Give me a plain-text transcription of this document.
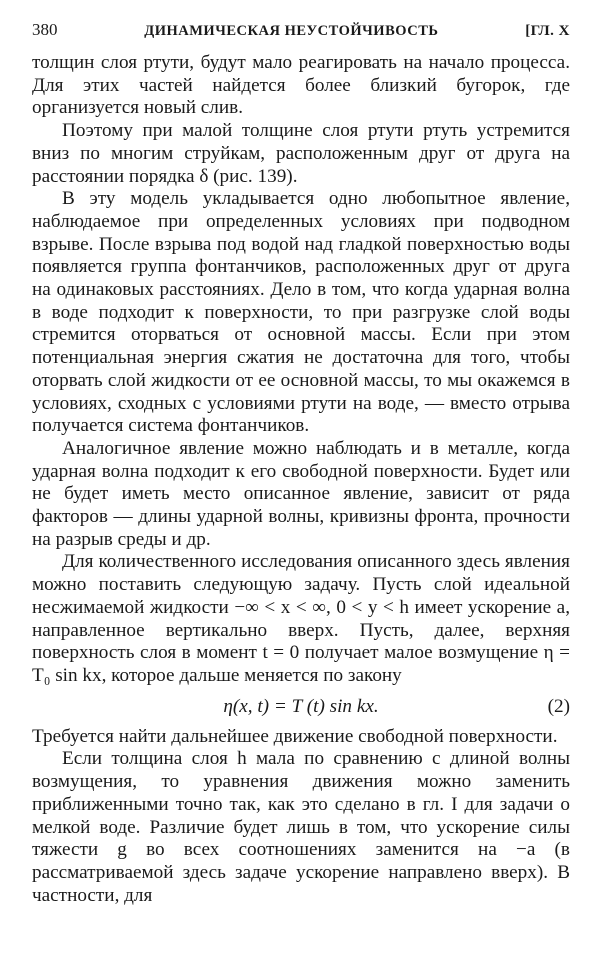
380	ДИНАМИЧЕСКАЯ НЕУСТОЙЧИВОСТЬ	[ГЛ. X

толщин слоя ртути, будут мало реагировать на начало процесса. Для этих частей найдется более близкий бугорок, где организуется новый слив.

Поэтому при малой толщине слоя ртути ртуть устремится вниз по многим струйкам, расположенным друг от друга на расстоянии порядка δ (рис. 139).

В эту модель укладывается одно любопытное явление, наблюдаемое при определенных условиях при подводном взрыве. После взрыва под водой над гладкой поверхностью воды появляется группа фонтанчиков, расположенных друг от друга на одинаковых расстояниях. Дело в том, что когда ударная волна в воде подходит к поверхности, то при разгрузке слой воды стремится оторваться от основной массы. Если при этом потенциальная энергия сжатия не достаточна для того, чтобы оторвать слой жидкости от ее основной массы, то мы окажемся в условиях, сходных с условиями ртути на воде, — вместо отрыва получается система фонтанчиков.

Аналогичное явление можно наблюдать и в металле, когда ударная волна подходит к его свободной поверхности. Будет или не будет иметь место описанное явление, зависит от ряда факторов — длины ударной волны, кривизны фронта, прочности на разрыв среды и др.

Для количественного исследования описанного здесь явления можно поставить следующую задачу. Пусть слой идеальной несжимаемой жидкости −∞ < x < ∞, 0 < y < h имеет ускорение a, направленное вертикально вверх. Пусть, далее, верхняя поверхность слоя в момент t = 0 получает малое возмущение η = T₀ sin kx, которое дальше меняется по закону

η(x, t) = T (t) sin kx.	(2)

Требуется найти дальнейшее движение свободной поверхности.

Если толщина слоя h мала по сравнению с длиной волны возмущения, то уравнения движения можно заменить приближенными точно так, как это сделано в гл. I для задачи о мелкой воде. Различие будет лишь в том, что ускорение силы тяжести g во всех соотношениях заменится на −a (в рассматриваемой здесь задаче ускорение направлено вверх). В частности, для
